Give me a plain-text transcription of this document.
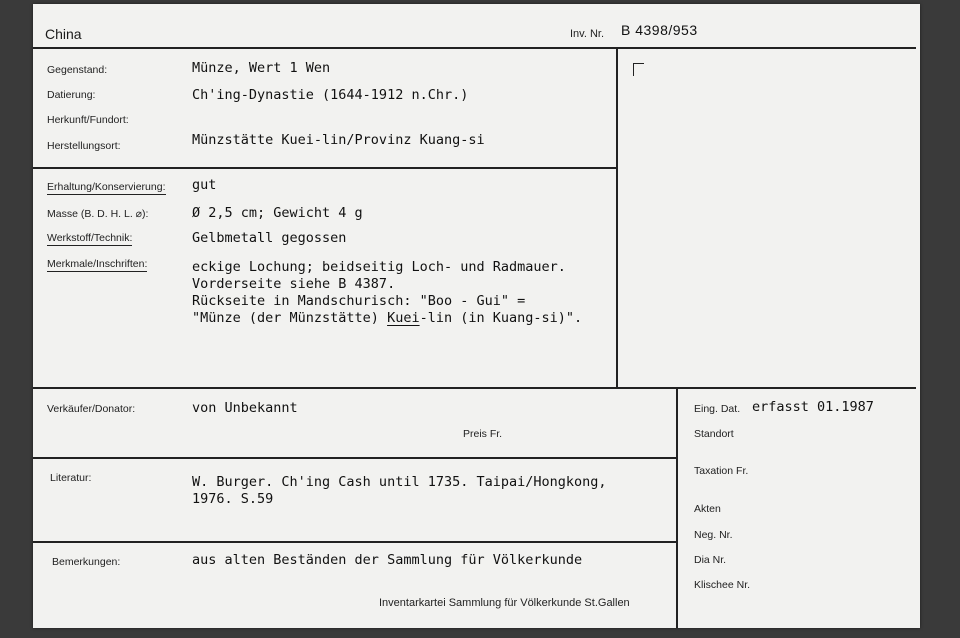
China	Inv. Nr. B 4398/953
Gegenstand:	Münze, Wert 1 Wen
Datierung:	Ch'ing-Dynastie (1644-1912 n.Chr.)
Herkunft/Fundort:
Herstellungsort:	Münzstätte Kuei-lin/Provinz Kuang-si
Erhaltung/Konservierung: gut
Masse (B. D. H. L. ⌀):	Ø 2,5 cm; Gewicht 4 g
Werkstoff/Technik:	Gelbmetall gegossen
Merkmale/Inschriften:	eckige Lochung; beidseitig Loch- und Radmauer.
Vorderseite siehe B 4387.
Rückseite in Mandschurisch: "Boo - Gui" =
"Münze (der Münzstätte) Kuei-lin (in Kuang-si)".
Verkäufer/Donator:	von Unbekannt
Preis Fr.
Literatur:	W. Burger. Ch'ing Cash until 1735. Taipai/Hongkong,
1976. S.59
Bemerkungen:	aus alten Beständen der Sammlung für Völkerkunde
Inventarkartei Sammlung für Völkerkunde St.Gallen
Eing. Dat. erfasst 01.1987
Standort
Taxation Fr.
Akten
Neg. Nr.
Dia Nr.
Klischee Nr.
